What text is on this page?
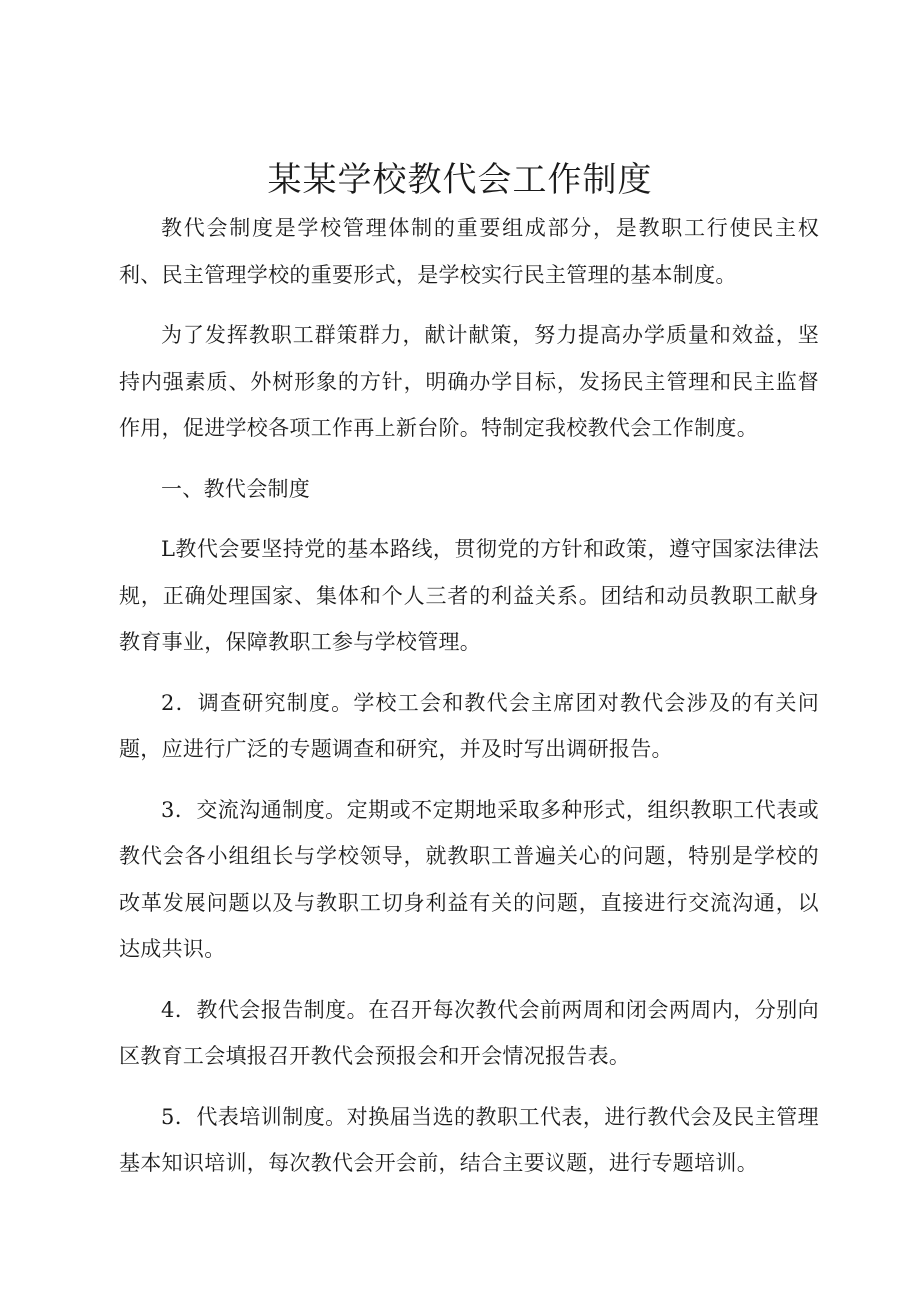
某某学校教代会工作制度

教代会制度是学校管理体制的重要组成部分，是教职工行使民主权利、民主管理学校的重要形式，是学校实行民主管理的基本制度。

为了发挥教职工群策群力，献计献策，努力提高办学质量和效益，坚持内强素质、外树形象的方针，明确办学目标，发扬民主管理和民主监督作用，促进学校各项工作再上新台阶。特制定我校教代会工作制度。

一、教代会制度

L教代会要坚持党的基本路线，贯彻党的方针和政策，遵守国家法律法规，正确处理国家、集体和个人三者的利益关系。团结和动员教职工献身教育事业，保障教职工参与学校管理。

2．调查研究制度。学校工会和教代会主席团对教代会涉及的有关问题，应进行广泛的专题调查和研究，并及时写出调研报告。

3．交流沟通制度。定期或不定期地采取多种形式，组织教职工代表或教代会各小组组长与学校领导，就教职工普遍关心的问题，特别是学校的改革发展问题以及与教职工切身利益有关的问题，直接进行交流沟通，以达成共识。

4．教代会报告制度。在召开每次教代会前两周和闭会两周内，分别向区教育工会填报召开教代会预报会和开会情况报告表。

5．代表培训制度。对换届当选的教职工代表，进行教代会及民主管理基本知识培训，每次教代会开会前，结合主要议题，进行专题培训。
